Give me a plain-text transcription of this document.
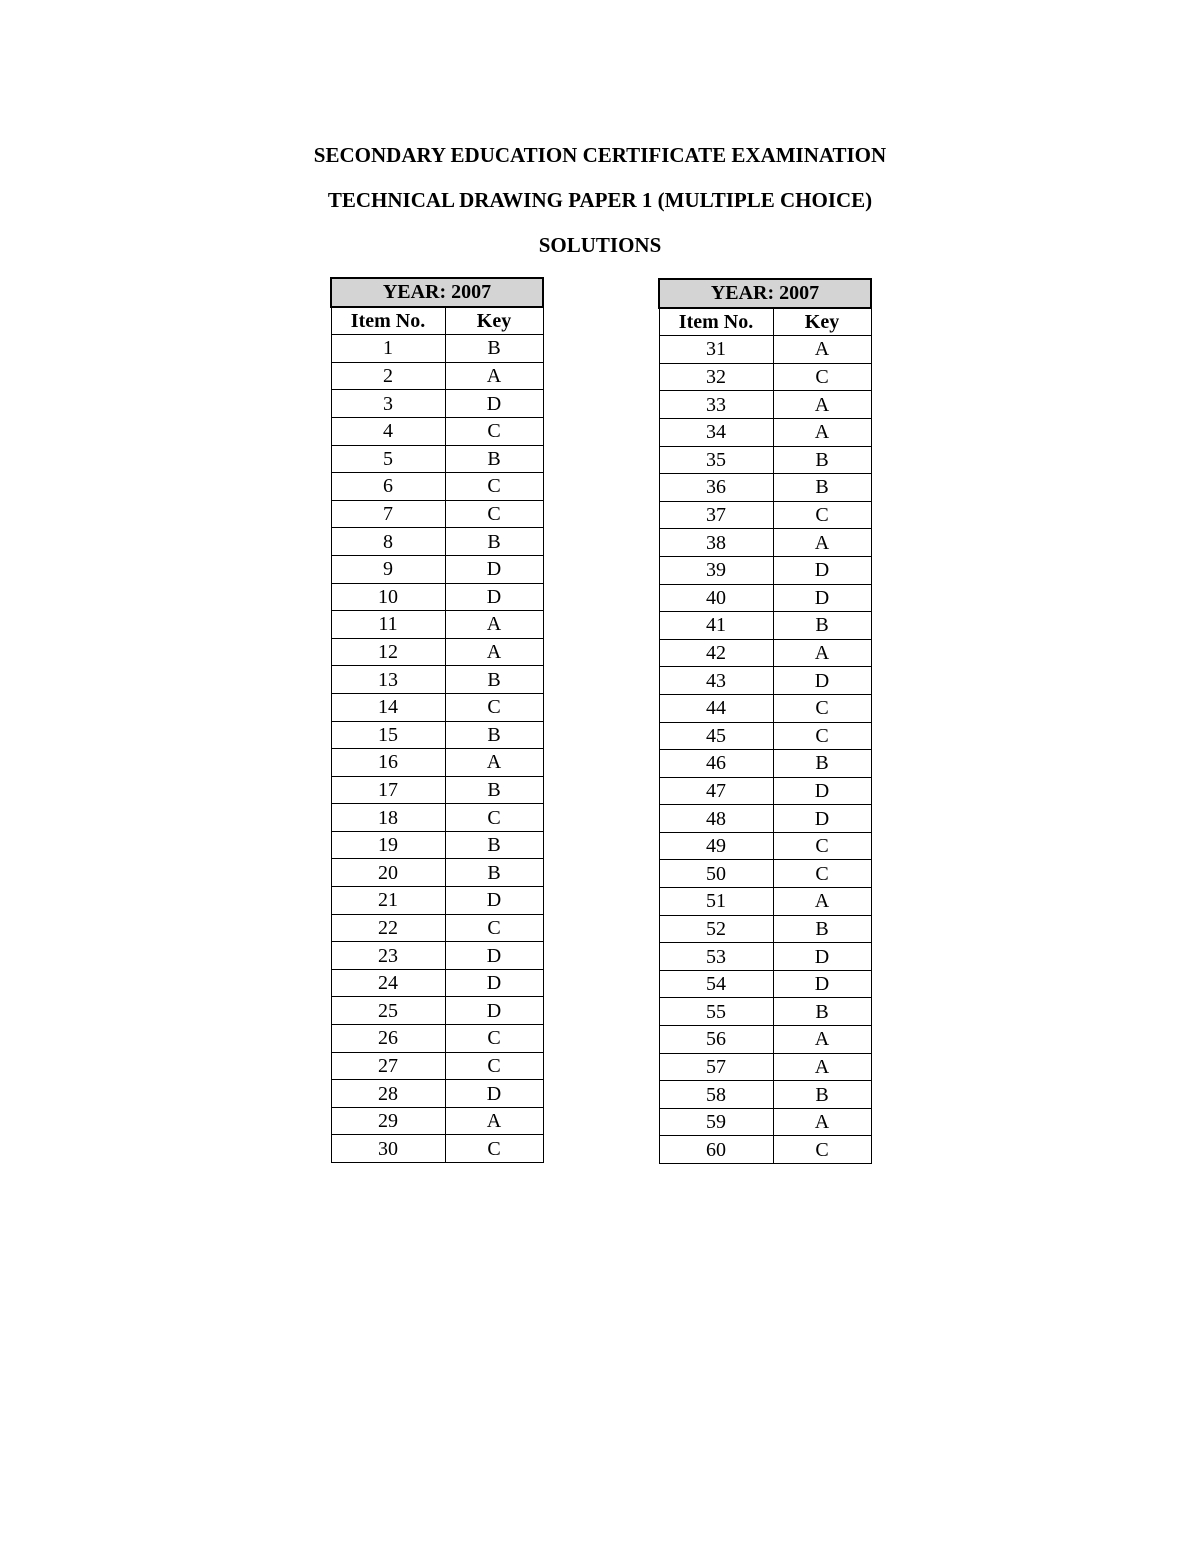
SECONDARY EDUCATION CERTIFICATE EXAMINATION
TECHNICAL DRAWING PAPER 1 (MULTIPLE CHOICE)
SOLUTIONS
YEAR: 2007	
Item No.	Key
1	B
2	A
3	D
4	C
5	B
6	C
7	C
8	B
9	D
10	D
11	A
12	A
13	B
14	C
15	B
16	A
17	B
18	C
19	B
20	B
21	D
22	C
23	D
24	D
25	D
26	C
27	C
28	D
29	A
30	C
YEAR: 2007	
Item No.	Key
31	A
32	C
33	A
34	A
35	B
36	B
37	C
38	A
39	D
40	D
41	B
42	A
43	D
44	C
45	C
46	B
47	D
48	D
49	C
50	C
51	A
52	B
53	D
54	D
55	B
56	A
57	A
58	B
59	A
60	C
